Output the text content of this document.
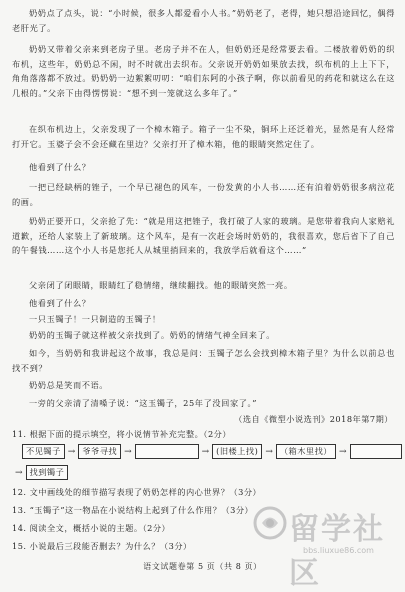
奶奶点了点头，说：“小时候，很多人都爱看小人书。”奶奶老了，老得，她只想沿途回忆，偶得老肝光了。

奶奶又带着父亲来到老房子里。老房子并不在人，但奶奶还是经常要去看。二楼放着奶奶的织布机，这些年，奶奶总不闲，时不时就出去织布。父亲说开奶奶如果放去找，织布机的上上下下，角角落落都不放过。奶奶奶一边絮絮叨叨：“咱们东阿的小孩子啊，你以前看见的药花和就这么在这几根的。”父亲下由得愣愣说：“想不到一笼就这么多年了。”

在织布机边上，父亲发现了一个樟木箱子。箱子一尘不染，铜环上还泛着光，显然是有人经常打开它。玉婆子会不会还藏在里边？父亲打开了樟木箱，他的眼睛突然定住了。

他看到了什么？

一把已经缺柄的锉子，一个早已褪色的风车，一份发黄的小人书……还有泊着奶奶很多病泣花的画。

奶奶正要开口，父亲抢了先：“就是用这把锉子，我打破了人家的玻璃。是您带着我向人家赔礼道歉，还给人家装上了新玻璃。这个风车，是有一次赶会场时奶奶的，我很喜欢，您后省下了自己的午餐钱……这个小人书是您托人从城里捎回来的，我放学后就看这个……”

父亲闭了闭眼睛，眼睛红了稳情绪，继续翻找。他的眼睛突然一亮。

他看到了什么？

一只玉镯子！一只制造的玉镯子！

奶奶的玉镯子就这样被父亲找到了。奶奶的情绪气神全回来了。

如今，当奶奶和我讲起这个故事，我总是问：玉镯子怎么会找到樟木箱子里？为什么以前总也找不到？

奶奶总是笑而不语。

一旁的父亲清了清嗓子说：“这玉镯子，25年了没回家了。”

（选自《微型小说选刊》2018年第7期）
11. 根据下面的提示填空，将小说情节补充完整。（2分）
不见镯子 → 爷爷寻找 →	→ (旧楼上找) → （箱木里找） →
→ 找到镯子
12. 文中画线处的细节描写表现了奶奶怎样的内心世界？（3分）
13. “玉镯子”这一物品在小说结构上起到了什么作用？（3分）
14. 阅读全文，概括小说的主题。（2分）
15. 小说最后三段能否删去？为什么？（3分）
语文试题卷第 5 页（共 8 页）
留学社区
bbs.liuxue86.com
